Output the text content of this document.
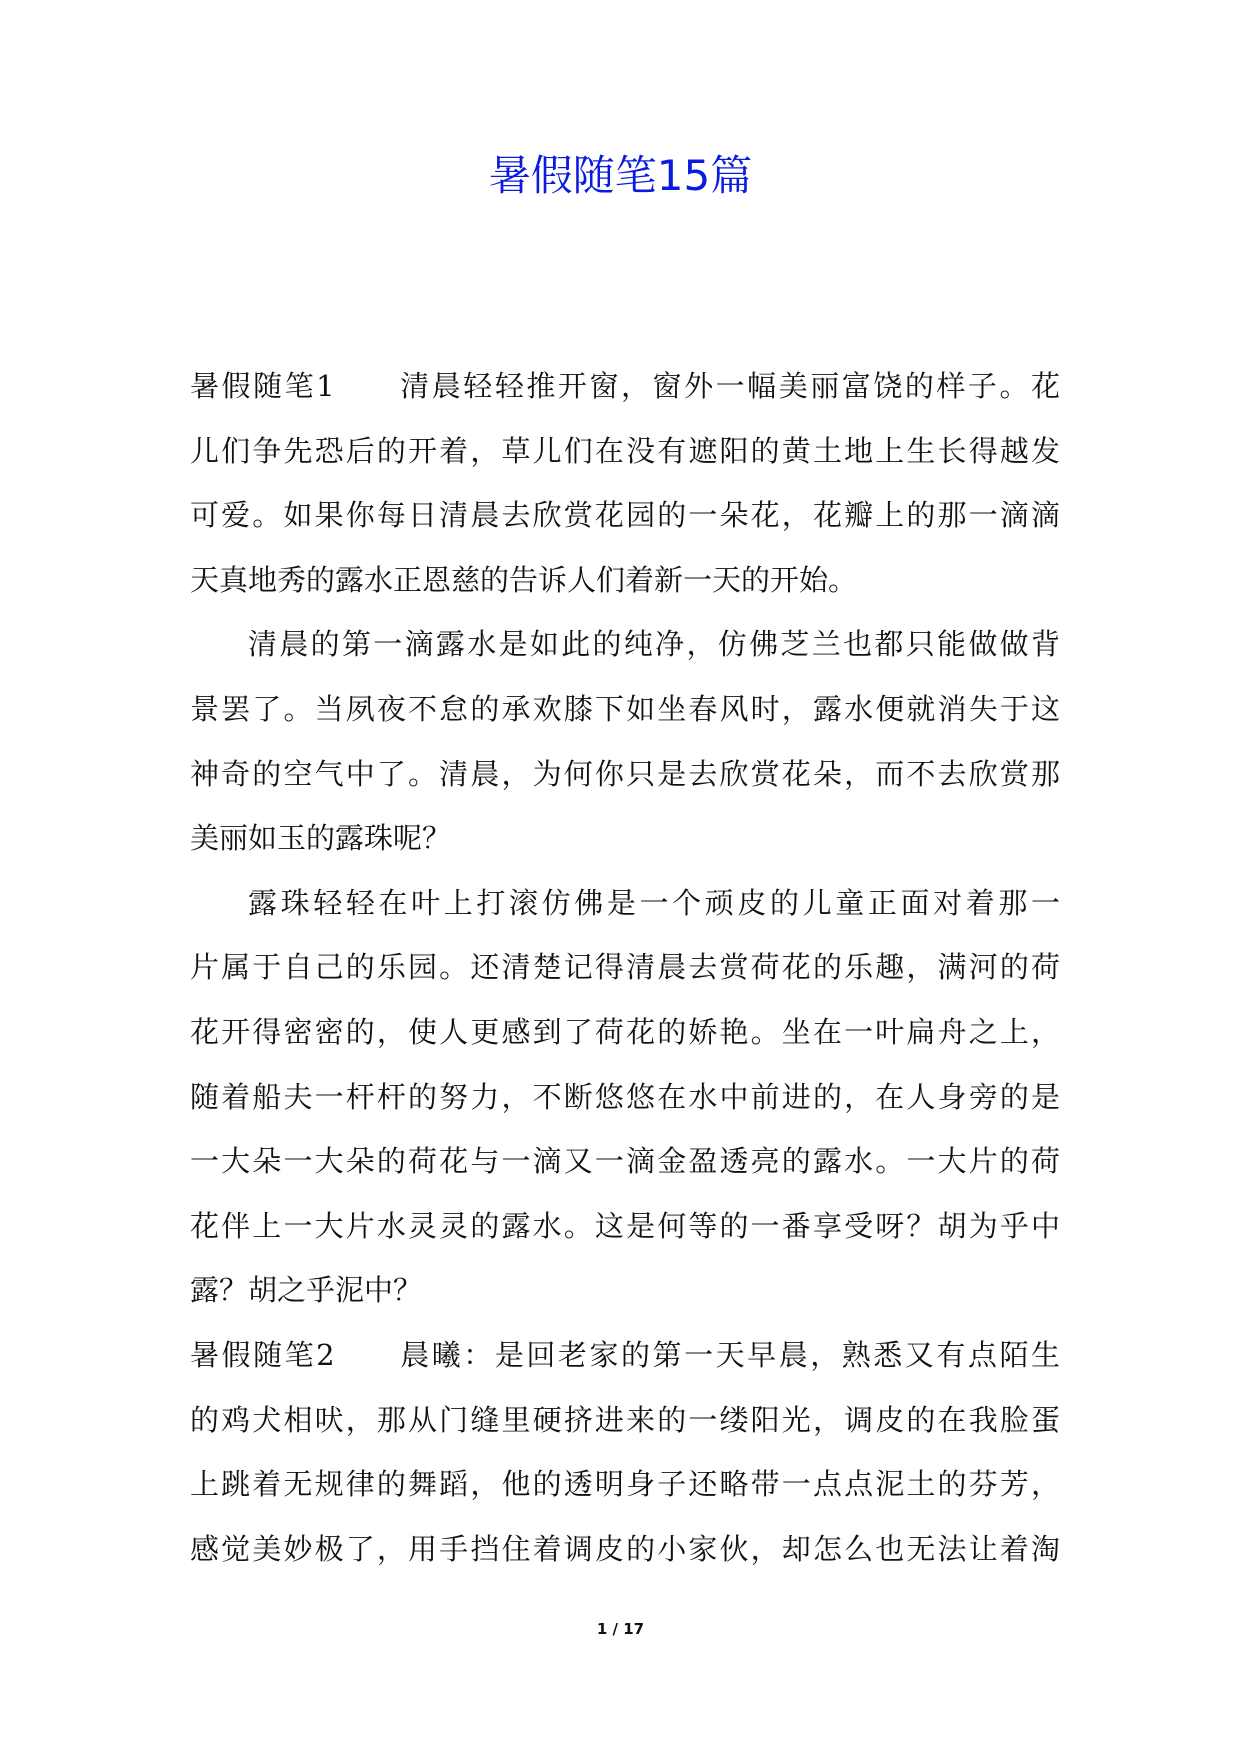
暑假随笔15篇
暑假随笔1　　清晨轻轻推开窗，窗外一幅美丽富饶的样子。花
儿们争先恐后的开着，草儿们在没有遮阳的黄土地上生长得越发
可爱。如果你每日清晨去欣赏花园的一朵花，花瓣上的那一滴滴
天真地秀的露水正恩慈的告诉人们着新一天的开始。
清晨的第一滴露水是如此的纯净，仿佛芝兰也都只能做做背
景罢了。当夙夜不怠的承欢膝下如坐春风时，露水便就消失于这
神奇的空气中了。清晨，为何你只是去欣赏花朵，而不去欣赏那
美丽如玉的露珠呢？
露珠轻轻在叶上打滚仿佛是一个顽皮的儿童正面对着那一
片属于自己的乐园。还清楚记得清晨去赏荷花的乐趣，满河的荷
花开得密密的，使人更感到了荷花的娇艳。坐在一叶扁舟之上，
随着船夫一杆杆的努力，不断悠悠在水中前进的，在人身旁的是
一大朵一大朵的荷花与一滴又一滴金盈透亮的露水。一大片的荷
花伴上一大片水灵灵的露水。这是何等的一番享受呀？胡为乎中
露？胡之乎泥中？
暑假随笔2　　晨曦：是回老家的第一天早晨，熟悉又有点陌生
的鸡犬相吠，那从门缝里硬挤进来的一缕阳光，调皮的在我脸蛋
上跳着无规律的舞蹈，他的透明身子还略带一点点泥土的芬芳，
感觉美妙极了，用手挡住着调皮的小家伙，却怎么也无法让着淘
1 / 17
